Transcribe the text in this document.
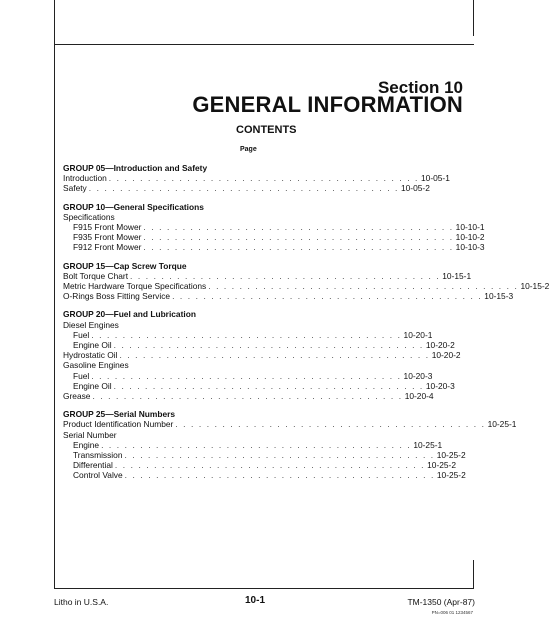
Section 10
GENERAL INFORMATION
CONTENTS
Page
GROUP 05—Introduction and Safety
Introduction . . . . . . . . . . . . . . . . . . . . . . . . . . . . . . . . . . . . . . . . 10-05-1
Safety . . . . . . . . . . . . . . . . . . . . . . . . . . . . . . . . . . . . . . . . 10-05-2
GROUP 10—General Specifications
Specifications
F915 Front Mower . . . . . . . . . . . . . . . . . . . . . . . . . . . . . . . . . . . . . . . . 10-10-1
F935 Front Mower . . . . . . . . . . . . . . . . . . . . . . . . . . . . . . . . . . . . . . . . 10-10-2
F912 Front Mower . . . . . . . . . . . . . . . . . . . . . . . . . . . . . . . . . . . . . . . . 10-10-3
GROUP 15—Cap Screw Torque
Bolt Torque Chart . . . . . . . . . . . . . . . . . . . . . . . . . . . . . . . . . . . . . . . . 10-15-1
Metric Hardware Torque Specifications . . . . . . . . . . . . . . . . . . . . . . . . . . . . . . . . . . . . . . . . 10-15-2
O-Rings Boss Fitting Service . . . . . . . . . . . . . . . . . . . . . . . . . . . . . . . . . . . . . . . . 10-15-3
GROUP 20—Fuel and Lubrication
Diesel Engines
Fuel . . . . . . . . . . . . . . . . . . . . . . . . . . . . . . . . . . . . . . . . 10-20-1
Engine Oil . . . . . . . . . . . . . . . . . . . . . . . . . . . . . . . . . . . . . . . . 10-20-2
Hydrostatic Oil . . . . . . . . . . . . . . . . . . . . . . . . . . . . . . . . . . . . . . . . 10-20-2
Gasoline Engines
Fuel . . . . . . . . . . . . . . . . . . . . . . . . . . . . . . . . . . . . . . . . 10-20-3
Engine Oil . . . . . . . . . . . . . . . . . . . . . . . . . . . . . . . . . . . . . . . . 10-20-3
Grease . . . . . . . . . . . . . . . . . . . . . . . . . . . . . . . . . . . . . . . . 10-20-4
GROUP 25—Serial Numbers
Product Identification Number . . . . . . . . . . . . . . . . . . . . . . . . . . . . . . . . . . . . . . . . 10-25-1
Serial Number
Engine . . . . . . . . . . . . . . . . . . . . . . . . . . . . . . . . . . . . . . . . 10-25-1
Transmission . . . . . . . . . . . . . . . . . . . . . . . . . . . . . . . . . . . . . . . . 10-25-2
Differential . . . . . . . . . . . . . . . . . . . . . . . . . . . . . . . . . . . . . . . . 10-25-2
Control Valve . . . . . . . . . . . . . . . . . . . . . . . . . . . . . . . . . . . . . . . . 10-25-2
Litho in U.S.A.	10-1	TM-1350 (Apr-87)
PN=006 01 1234567
